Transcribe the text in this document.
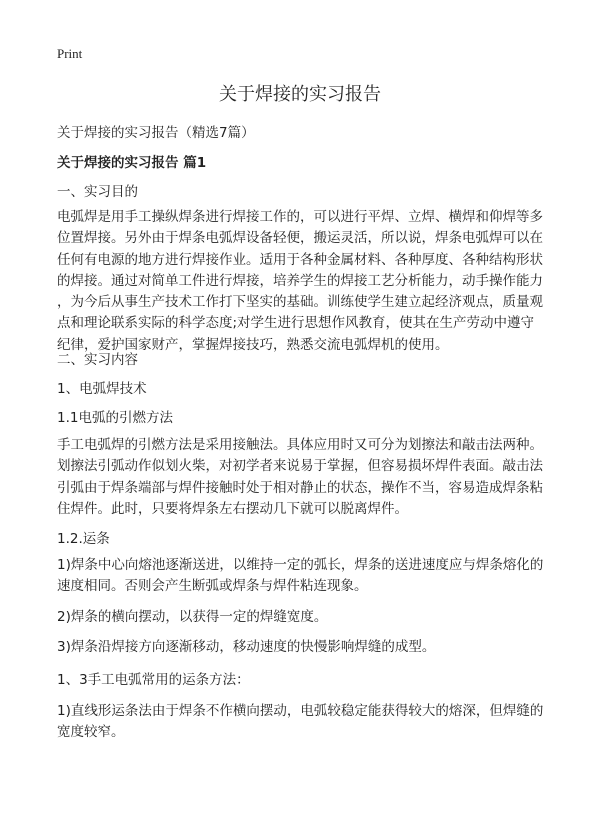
Print
关于焊接的实习报告
关于焊接的实习报告（精选7篇）
关于焊接的实习报告 篇1
一、实习目的
电弧焊是用手工操纵焊条进行焊接工作的，可以进行平焊、立焊、横焊和仰焊等多
位置焊接。另外由于焊条电弧焊设备轻便，搬运灵活，所以说，焊条电弧焊可以在
任何有电源的地方进行焊接作业。适用于各种金属材料、各种厚度、各种结构形状
的焊接。通过对简单工件进行焊接，培养学生的焊接工艺分析能力，动手操作能力
，为今后从事生产技术工作打下坚实的基础。训练使学生建立起经济观点，质量观
点和理论联系实际的科学态度;对学生进行思想作风教育，使其在生产劳动中遵守
纪律，爱护国家财产，掌握焊接技巧，熟悉交流电弧焊机的使用。
二、实习内容
1、电弧焊技术
1.1电弧的引燃方法
手工电弧焊的引燃方法是采用接触法。具体应用时又可分为划擦法和敲击法两种。
划擦法引弧动作似划火柴，对初学者来说易于掌握，但容易损坏焊件表面。敲击法
引弧由于焊条端部与焊件接触时处于相对静止的状态，操作不当，容易造成焊条粘
住焊件。此时，只要将焊条左右摆动几下就可以脱离焊件。
1.2.运条
1)焊条中心向熔池逐渐送进，以维持一定的弧长，焊条的送进速度应与焊条熔化的
速度相同。否则会产生断弧或焊条与焊件粘连现象。
2)焊条的横向摆动，以获得一定的焊缝宽度。
3)焊条沿焊接方向逐渐移动，移动速度的快慢影响焊缝的成型。
1、3手工电弧常用的运条方法：
1)直线形运条法由于焊条不作横向摆动，电弧较稳定能获得较大的熔深，但焊缝的
宽度较窄。
